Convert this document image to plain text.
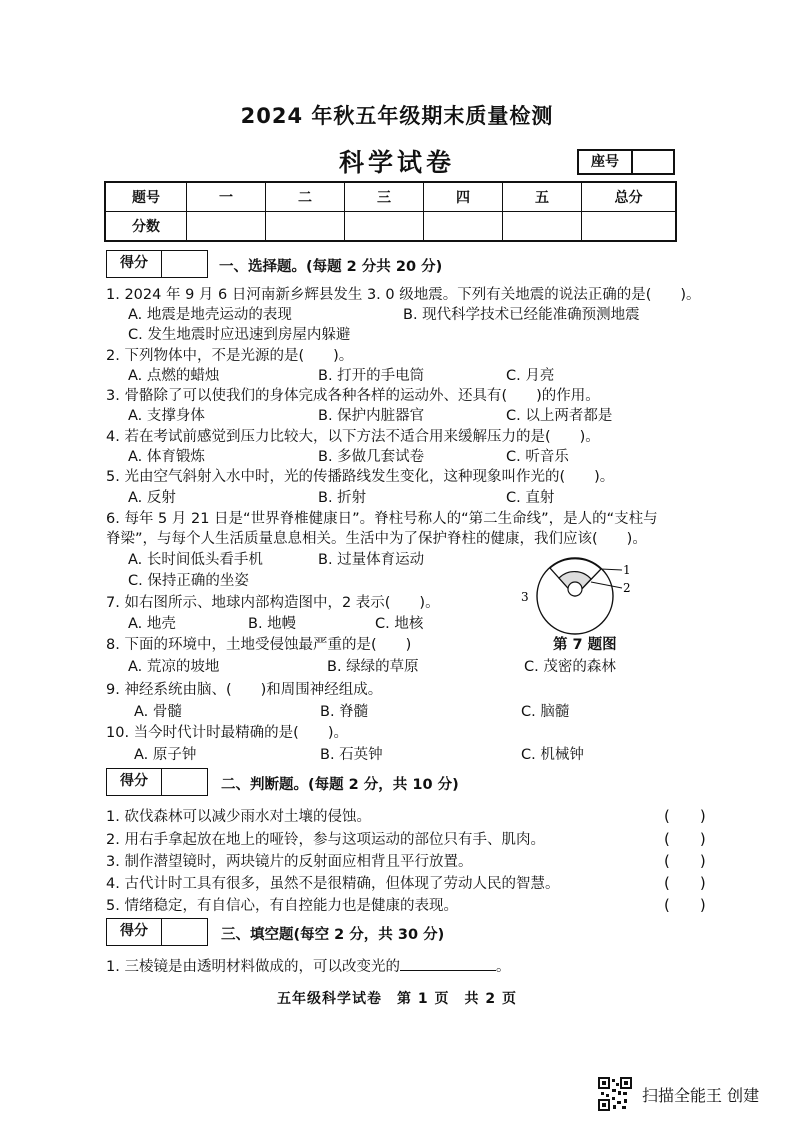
2024 年秋五年级期末质量检测
科学试卷	座号
题号	一	二	三	四	五	总分
分数						
得分	一、选择题。(每题 2 分共 20 分)
1. 2024 年 9 月 6 日河南新乡辉县发生 3. 0 级地震。下列有关地震的说法正确的是(　　)。
A. 地震是地壳运动的表现	B. 现代科学技术已经能准确预测地震
C. 发生地震时应迅速到房屋内躲避
2. 下列物体中，不是光源的是(　　)。
A. 点燃的蜡烛	B. 打开的手电筒	C. 月亮
3. 骨骼除了可以使我们的身体完成各种各样的运动外、还具有(　　)的作用。
A. 支撑身体	B. 保护内脏器官	C. 以上两者都是
4. 若在考试前感觉到压力比较大，以下方法不适合用来缓解压力的是(　　)。
A. 体育锻炼	B. 多做几套试卷	C. 听音乐
5. 光由空气斜射入水中时，光的传播路线发生变化，这种现象叫作光的(　　)。
A. 反射	B. 折射	C. 直射
6. 每年 5 月 21 日是“世界脊椎健康日”。脊柱号称人的“第二生命线”，是人的“支柱与
脊梁”，与每个人生活质量息息相关。生活中为了保护脊柱的健康，我们应该(　　)。
A. 长时间低头看手机	B. 过量体育运动
C. 保持正确的坐姿
7. 如右图所示、地球内部构造图中，2 表示(　　)。
A. 地壳	B. 地幔	C. 地核
1
2
3
第 7 题图
8. 下面的环境中，土地受侵蚀最严重的是(　　)
A. 荒凉的坡地	B. 绿绿的草原	C. 茂密的森林
9. 神经系统由脑、(　　)和周围神经组成。
A. 骨髓	B. 脊髓	C. 脑髓
10. 当今时代计时最精确的是(　　)。
A. 原子钟	B. 石英钟	C. 机械钟
得分	二、判断题。(每题 2 分，共 10 分)
1. 砍伐森林可以减少雨水对土壤的侵蚀。	(　　)
2. 用右手拿起放在地上的哑铃，参与这项运动的部位只有手、肌肉。	(　　)
3. 制作潜望镜时，两块镜片的反射面应相背且平行放置。	(　　)
4. 古代计时工具有很多，虽然不是很精确，但体现了劳动人民的智慧。	(　　)
5. 情绪稳定，有自信心，有自控能力也是健康的表现。	(　　)
得分	三、填空题(每空 2 分，共 30 分)
1. 三棱镜是由透明材料做成的，可以改变光的	。
五年级科学试卷　第 1 页　共 2 页
扫描全能王 创建
